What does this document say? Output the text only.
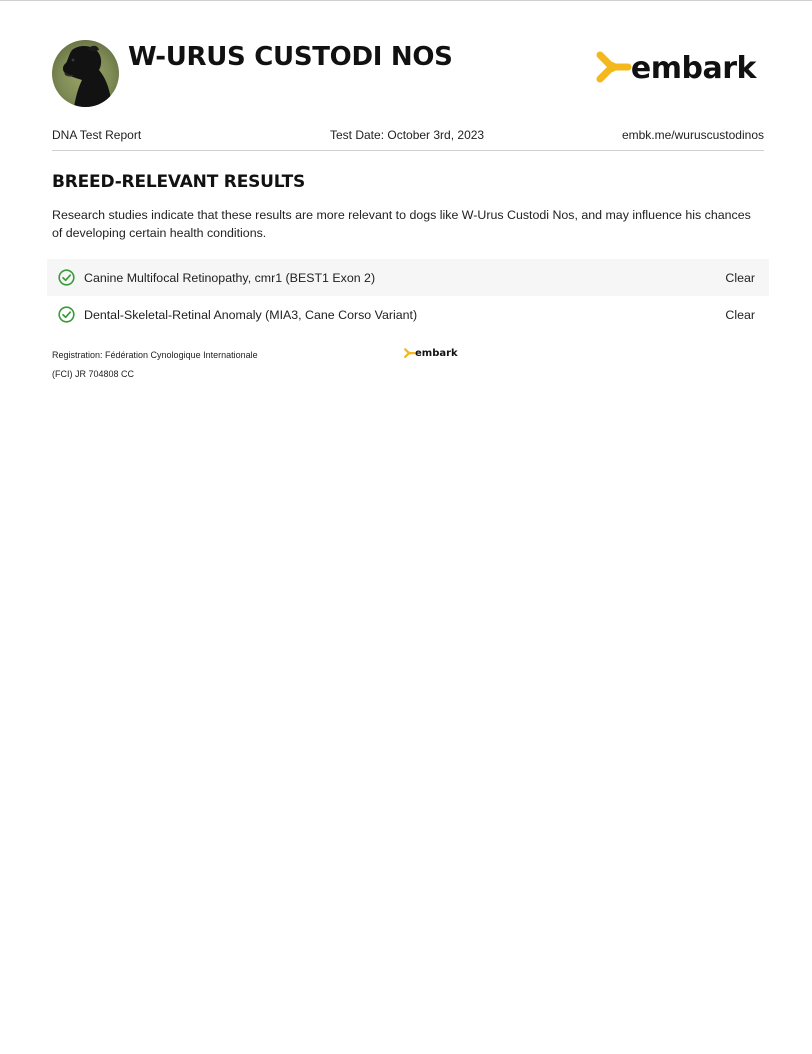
W-URUS CUSTODI NOS	embark
DNA Test Report	Test Date: October 3rd, 2023	embk.me/wuruscustodinos
BREED-RELEVANT RESULTS

Research studies indicate that these results are more relevant to dogs like W-Urus Custodi Nos, and may influence his chances of developing certain health conditions.

Canine Multifocal Retinopathy, cmr1 (BEST1 Exon 2)	Clear
Dental-Skeletal-Retinal Anomaly (MIA3, Cane Corso Variant)	Clear
Registration: Fédération Cynologique Internationale
(FCI) JR 704808 CC
embark
